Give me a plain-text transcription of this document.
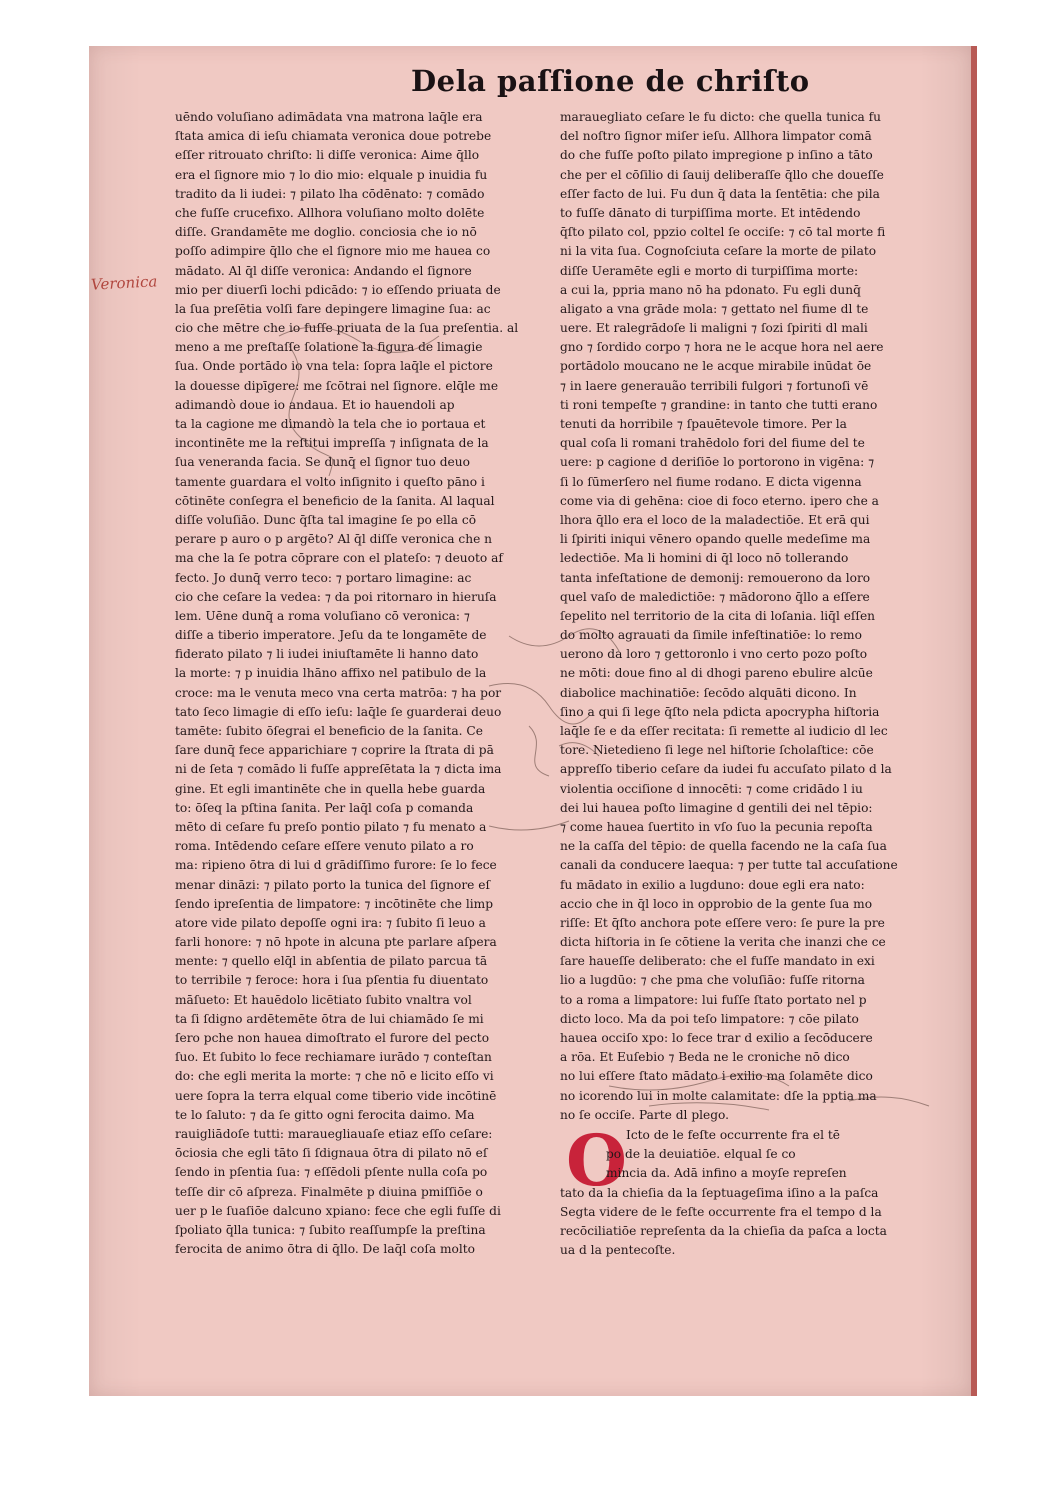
Dela paſſione de chriſto
Veronica
uēndo voluſiano adimādata vna matrona laq̄le era
ſtata amica di ieſu chiamata veronica doue potrebe
eſſer ritrouato chriſto: li diſſe veronica: Aime q̄llo
era el ſignore mio ⁊ lo dio mio: elquale p inuidia fu
tradito da li iudei: ⁊ pilato lha cōdēnato: ⁊ comādo
che fuſſe crucefixo. Allhora voluſiano molto dolēte
diſſe. Grandamēte me doglio. conciosia che io nō
poſſo adimpire q̄llo che el ſignore mio me hauea co
mādato. Al q̄l diſſe veronica: Andando el ſignore
mio per diuerſi lochi pdicādo: ⁊ io eſſendo priuata de
la ſua preſētia volſi fare depingere limagine ſua: ac
cio che mētre che io fuſſe priuata de la ſua preſentia. al
meno a me preſtaſſe ſolatione la figura de limagie
ſua. Onde portādo io vna tela: ſopra laq̄le el pictore
la douesse dipīgere: me ſcōtrai nel ſignore. elq̄le me
adimandò doue io andaua. Et io hauendoli ap
ta la cagione me dimandò la tela che io portaua et
incontinēte me la reſtitui impreſſa ⁊ inſignata de la
ſua veneranda facia. Se dunq̄ el ſignor tuo deuo
tamente guardara el volto inſignito i queſto pāno i
cōtinēte conſegra el beneficio de la ſanita. Al laqual
diſſe voluſiāo. Dunc q̄ſta tal imagine ſe po ella cō
perare p auro o p argēto? Al q̄l diſſe veronica che n
ma che la ſe potra cōprare con el plateſo: ⁊ deuoto af
fecto. Jo dunq̄ verro teco: ⁊ portaro limagine: ac
cio che ceſare la vedea: ⁊ da poi ritornaro in hieruſa
lem. Uēne dunq̄ a roma voluſiano cō veronica: ⁊
diſſe a tiberio imperatore. Jeſu da te longamēte de
fiderato pilato ⁊ li iudei iniuſtamēte li hanno dato
la morte: ⁊ p inuidia lhāno affixo nel patibulo de la
croce: ma le venuta meco vna certa matrōa: ⁊ ha por
tato ſeco limagie di eſſo ieſu: laq̄le ſe guarderai deuo
tamēte: ſubito ōſegrai el beneficio de la ſanita. Ce
ſare dunq̄ fece apparichiare ⁊ coprire la ſtrata di pā
ni de ſeta ⁊ comādo li fuſſe appreſētata la ⁊ dicta ima
gine. Et egli imantinēte che in quella hebe guarda
to: ōſeq la pſtina ſanita. Per laq̄l coſa p comanda
mēto di ceſare fu preſo pontio pilato ⁊ fu menato a
roma. Intēdendo ceſare eſſere venuto pilato a ro
ma: ripieno ōtra di lui d grādiſſimo furore: ſe lo fece
menar dināzi: ⁊ pilato porto la tunica del ſignore eſ
ſendo ipreſentia de limpatore: ⁊ incōtinēte che limp
atore vide pilato depoſſe ogni ira: ⁊ ſubito ſi leuo a
farli honore: ⁊ nō hpote in alcuna pte parlare aſpera
mente: ⁊ quello elq̄l in abſentia de pilato parcua tā
to terribile ⁊ feroce: hora i ſua pſentia fu diuentato
māſueto: Et hauēdolo licētiato ſubito vnaltra vol
ta ſi ſdigno ardētemēte ōtra de lui chiamādo ſe mi
ſero pche non hauea dimoſtrato el furore del pecto
ſuo. Et ſubito lo fece rechiamare iurādo ⁊ conteſtan
do: che egli merita la morte: ⁊ che nō e licito eſſo vi
uere ſopra la terra elqual come tiberio vide incōtinē
te lo ſaluto: ⁊ da ſe gitto ogni ferocita daimo. Ma
rauigliādoſe tutti: marauegliauaſe etiaz eſſo ceſare:
ōciosia che egli tāto ſi ſdignaua ōtra di pilato nō eſ
ſendo in pſentia ſua: ⁊ eſſēdoli pſente nulla coſa po
teſſe dir cō aſpreza. Finalmēte p diuina pmiſſiōe o
uer p le ſuaſiōe dalcuno xpiano: fece che egli fuſſe di
ſpoliato q̄lla tunica: ⁊ ſubito reaſſumpſe la preſtina
ferocita de animo ōtra di q̄llo. De laq̄l coſa molto
marauegliato ceſare le fu dicto: che quella tunica fu
del noſtro ſignor miſer ieſu. Allhora limpator comā
do che fuſſe poſto pilato impregione p inſino a tāto
che per el cōſilio di ſauij deliberaſſe q̄llo che doueſſe
eſſer facto de lui. Fu dun q̄ data la ſentētia: che pila
to fuſſe dānato di turpiſſima morte. Et intēdendo
q̄ſto pilato col, ppzio coltel ſe occiſe: ⁊ cō tal morte fi
ni la vita ſua. Cognoſciuta ceſare la morte de pilato
diſſe Ueramēte egli e morto di turpiſſima morte:
a cui la, ppria mano nō ha pdonato. Fu egli dunq̄
aligato a vna grāde mola: ⁊ gettato nel fiume dl te
uere. Et ralegrādoſe li maligni ⁊ ſozi ſpiriti dl mali
gno ⁊ ſordido corpo ⁊ hora ne le acque hora nel aere
portādolo moucano ne le acque mirabile inūdat ōe
⁊ in laere generauão terribili fulgori ⁊ fortunoſi vē
ti roni tempeſte ⁊ grandine: in tanto che tutti erano
tenuti da horribile ⁊ ſpauētevole timore. Per la
qual coſa li romani trahēdolo fori del fiume del te
uere: p cagione d deriſiōe lo portorono in vigēna: ⁊
ſi lo ſūmerſero nel fiume rodano. E dicta vigenna
come via di gehēna: cioe di foco eterno. ipero che a
lhora q̄llo era el loco de la maladectiōe. Et erā qui
li ſpiriti iniqui vēnero opando quelle medeſime ma
ledectiōe. Ma li homini di q̄l loco nō tollerando
tanta infeſtatione de demonij: remouerono da loro
quel vaſo de maledictiōe: ⁊ mādorono q̄llo a eſſere
ſepelito nel territorio de la cita di loſania. liq̄l eſſen
do molto agrauati da ſimile infeſtinatiōe: lo remo
uerono da loro ⁊ gettoronlo i vno certo pozo poſto
ne mōti: doue fino al di dhogi pareno ebulire alcūe
diabolice machinatiōe: ſecōdo alquāti dicono. In
ſino a qui ſi lege q̄ſto nela pdicta apocrypha hiſtoria
laq̄le ſe e da eſſer recitata: ſi remette al iudicio dl lec
tore. Nietedieno ſi lege nel hiſtorie ſcholaſtice: cōe
appreſſo tiberio ceſare da iudei fu accuſato pilato d la
violentia occiſione d innocēti: ⁊ come cridādo l iu
dei lui hauea poſto limagine d gentili dei nel tēpio:
⁊ come hauea ſuertito in vſo ſuo la pecunia repoſta
ne la caſſa del tēpio: de quella facendo ne la caſa ſua
canali da conducere laequa: ⁊ per tutte tal accuſatione
fu mādato in exilio a lugduno: doue egli era nato:
accio che in q̄l loco in opprobio de la gente ſua mo
riſſe: Et q̄ſto anchora pote eſſere vero: ſe pure la pre
dicta hiſtoria in ſe cōtiene la verita che inanzi che ce
ſare haueſſe deliberato: che el fuſſe mandato in exi
lio a lugdūo: ⁊ che pma che voluſiāo: fuſſe ritorna
to a roma a limpatore: lui fuſſe ſtato portato nel p
dicto loco. Ma da poi teſo limpatore: ⁊ cōe pilato
hauea occiſo xpo: lo fece trar d exilio a ſecōducere
a rōa. Et Euſebio ⁊ Beda ne le croniche nō dico
no lui eſſere ſtato mādato i exilio ma ſolamēte dico
no icorendo lui in molte calamitate: dſe la pptia ma
no ſe occiſe. Parte dl plego.
O Icto de le feſte occurrente fra el tē
po de la deuiatiōe. elqual ſe co
mincia da. Adā infino a moyſe repreſen
tato da la chieſia da la ſeptuageſima iſino a la paſca
Segta videre de le feſte occurrente fra el tempo d la
recōciliatiōe repreſenta da la chieſia da paſca a locta
ua d la pentecoſte.
